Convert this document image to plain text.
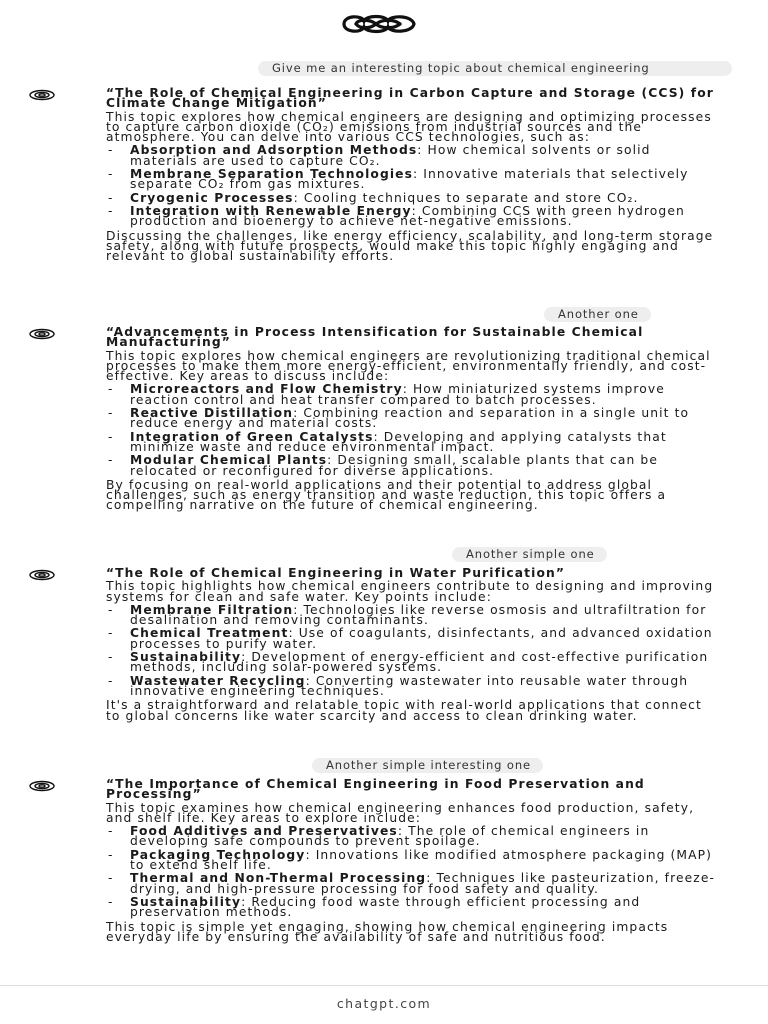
Give me an interesting topic about chemical engineering

“The Role of Chemical Engineering in Carbon Capture and Storage (CCS) for Climate Change Mitigation”

This topic explores how chemical engineers are designing and optimizing processes to capture carbon dioxide (CO₂) emissions from industrial sources and the atmosphere. You can delve into various CCS technologies, such as:

- Absorption and Adsorption Methods: How chemical solvents or solid materials are used to capture CO₂.
- Membrane Separation Technologies: Innovative materials that selectively separate CO₂ from gas mixtures.
- Cryogenic Processes: Cooling techniques to separate and store CO₂.
- Integration with Renewable Energy: Combining CCS with green hydrogen production and bioenergy to achieve net-negative emissions.

Discussing the challenges, like energy efficiency, scalability, and long-term storage safety, along with future prospects, would make this topic highly engaging and relevant to global sustainability efforts.

Another one

“Advancements in Process Intensification for Sustainable Chemical Manufacturing”

This topic explores how chemical engineers are revolutionizing traditional chemical processes to make them more energy-efficient, environmentally friendly, and cost-effective. Key areas to discuss include:

- Microreactors and Flow Chemistry: How miniaturized systems improve reaction control and heat transfer compared to batch processes.
- Reactive Distillation: Combining reaction and separation in a single unit to reduce energy and material costs.
- Integration of Green Catalysts: Developing and applying catalysts that minimize waste and reduce environmental impact.
- Modular Chemical Plants: Designing small, scalable plants that can be relocated or reconfigured for diverse applications.

By focusing on real-world applications and their potential to address global challenges, such as energy transition and waste reduction, this topic offers a compelling narrative on the future of chemical engineering.

Another simple one

“The Role of Chemical Engineering in Water Purification”

This topic highlights how chemical engineers contribute to designing and improving systems for clean and safe water. Key points include:

- Membrane Filtration: Technologies like reverse osmosis and ultrafiltration for desalination and removing contaminants.
- Chemical Treatment: Use of coagulants, disinfectants, and advanced oxidation processes to purify water.
- Sustainability: Development of energy-efficient and cost-effective purification methods, including solar-powered systems.
- Wastewater Recycling: Converting wastewater into reusable water through innovative engineering techniques.

It's a straightforward and relatable topic with real-world applications that connect to global concerns like water scarcity and access to clean drinking water.

Another simple interesting one

“The Importance of Chemical Engineering in Food Preservation and Processing”

This topic examines how chemical engineering enhances food production, safety, and shelf life. Key areas to explore include:

- Food Additives and Preservatives: The role of chemical engineers in developing safe compounds to prevent spoilage.
- Packaging Technology: Innovations like modified atmosphere packaging (MAP) to extend shelf life.
- Thermal and Non-Thermal Processing: Techniques like pasteurization, freeze-drying, and high-pressure processing for food safety and quality.
- Sustainability: Reducing food waste through efficient processing and preservation methods.

This topic is simple yet engaging, showing how chemical engineering impacts everyday life by ensuring the availability of safe and nutritious food.

chatgpt.com
